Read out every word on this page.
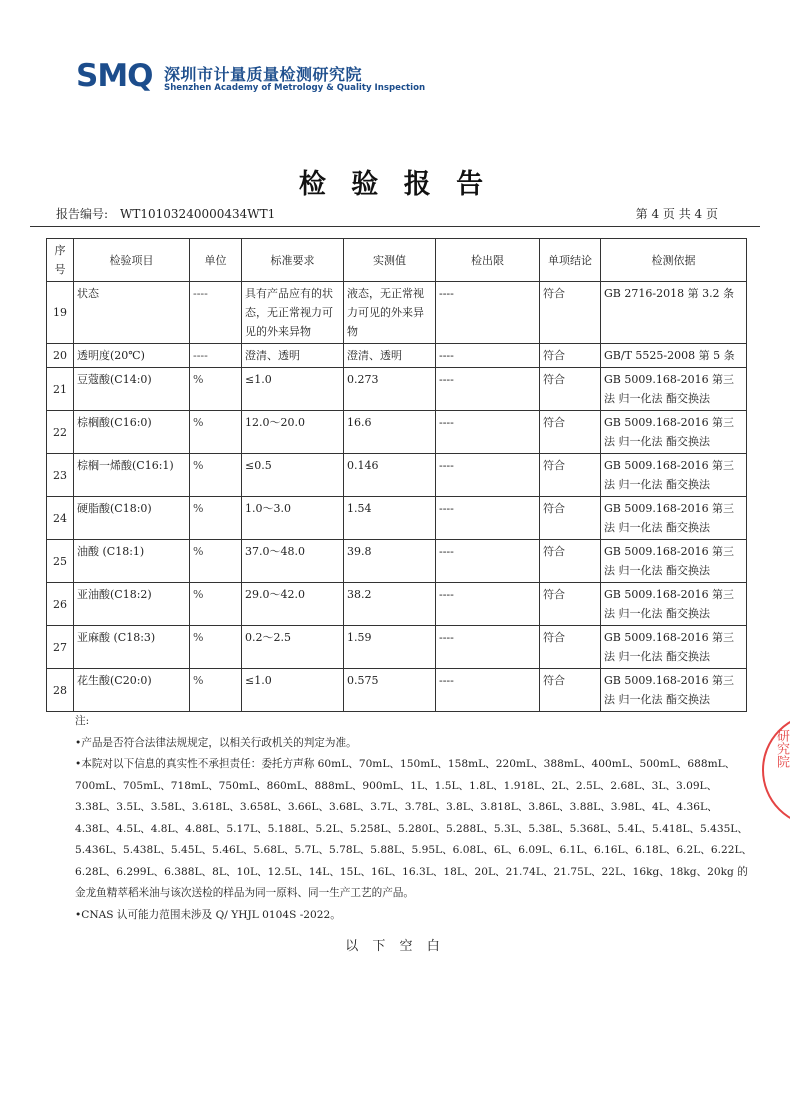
SMQ 深圳市计量质量检测研究院
Shenzhen Academy of Metrology & Quality Inspection
检 验 报 告
报告编号: WT10103240000434WT1	第 4 页 共 4 页
序号	检验项目	单位	标准要求	实测值	检出限	单项结论	检测依据
19	状态	----	具有产品应有的状态，无正常视力可见的外来异物	液态，无正常视力可见的外来异物	----	符合	GB 2716-2018 第 3.2 条
20	透明度(20℃)	----	澄清、透明	澄清、透明	----	符合	GB/T 5525-2008 第 5 条
21	豆蔻酸(C14:0)	%	≤1.0	0.273	----	符合	GB 5009.168-2016 第三法 归一化法 酯交换法
22	棕榈酸(C16:0)	%	12.0～20.0	16.6	----	符合	GB 5009.168-2016 第三法 归一化法 酯交换法
23	棕榈一烯酸(C16:1)	%	≤0.5	0.146	----	符合	GB 5009.168-2016 第三法 归一化法 酯交换法
24	硬脂酸(C18:0)	%	1.0～3.0	1.54	----	符合	GB 5009.168-2016 第三法 归一化法 酯交换法
25	油酸 (C18:1)	%	37.0～48.0	39.8	----	符合	GB 5009.168-2016 第三法 归一化法 酯交换法
26	亚油酸(C18:2)	%	29.0～42.0	38.2	----	符合	GB 5009.168-2016 第三法 归一化法 酯交换法
27	亚麻酸 (C18:3)	%	0.2～2.5	1.59	----	符合	GB 5009.168-2016 第三法 归一化法 酯交换法
28	花生酸(C20:0)	%	≤1.0	0.575	----	符合	GB 5009.168-2016 第三法 归一化法 酯交换法

注:

•产品是否符合法律法规规定，以相关行政机关的判定为准。

•本院对以下信息的真实性不承担责任：委托方声称 60mL、70mL、150mL、158mL、220mL、388mL、400mL、500mL、688mL、700mL、705mL、718mL、750mL、860mL、888mL、900mL、1L、1.5L、1.8L、1.918L、2L、2.5L、2.68L、3L、3.09L、3.38L、3.5L、3.58L、3.618L、3.658L、3.66L、3.68L、3.7L、3.78L、3.8L、3.818L、3.86L、3.88L、3.98L、4L、4.36L、4.38L、4.5L、4.8L、4.88L、5.17L、5.188L、5.2L、5.258L、5.280L、5.288L、5.3L、5.38L、5.368L、5.4L、5.418L、5.435L、5.436L、5.438L、5.45L、5.46L、5.68L、5.7L、5.78L、5.88L、5.95L、6.08L、6L、6.09L、6.1L、6.16L、6.18L、6.2L、6.22L、6.28L、6.299L、6.388L、8L、10L、12.5L、14L、15L、16L、16.3L、18L、20L、21.74L、21.75L、22L、16kg、18kg、20kg 的金龙鱼精萃稻米油与该次送检的样品为同一原料、同一生产工艺的产品。

•CNAS 认可能力范围未涉及 Q/ YHJL 0104S -2022。

以 下 空 白
研究院
